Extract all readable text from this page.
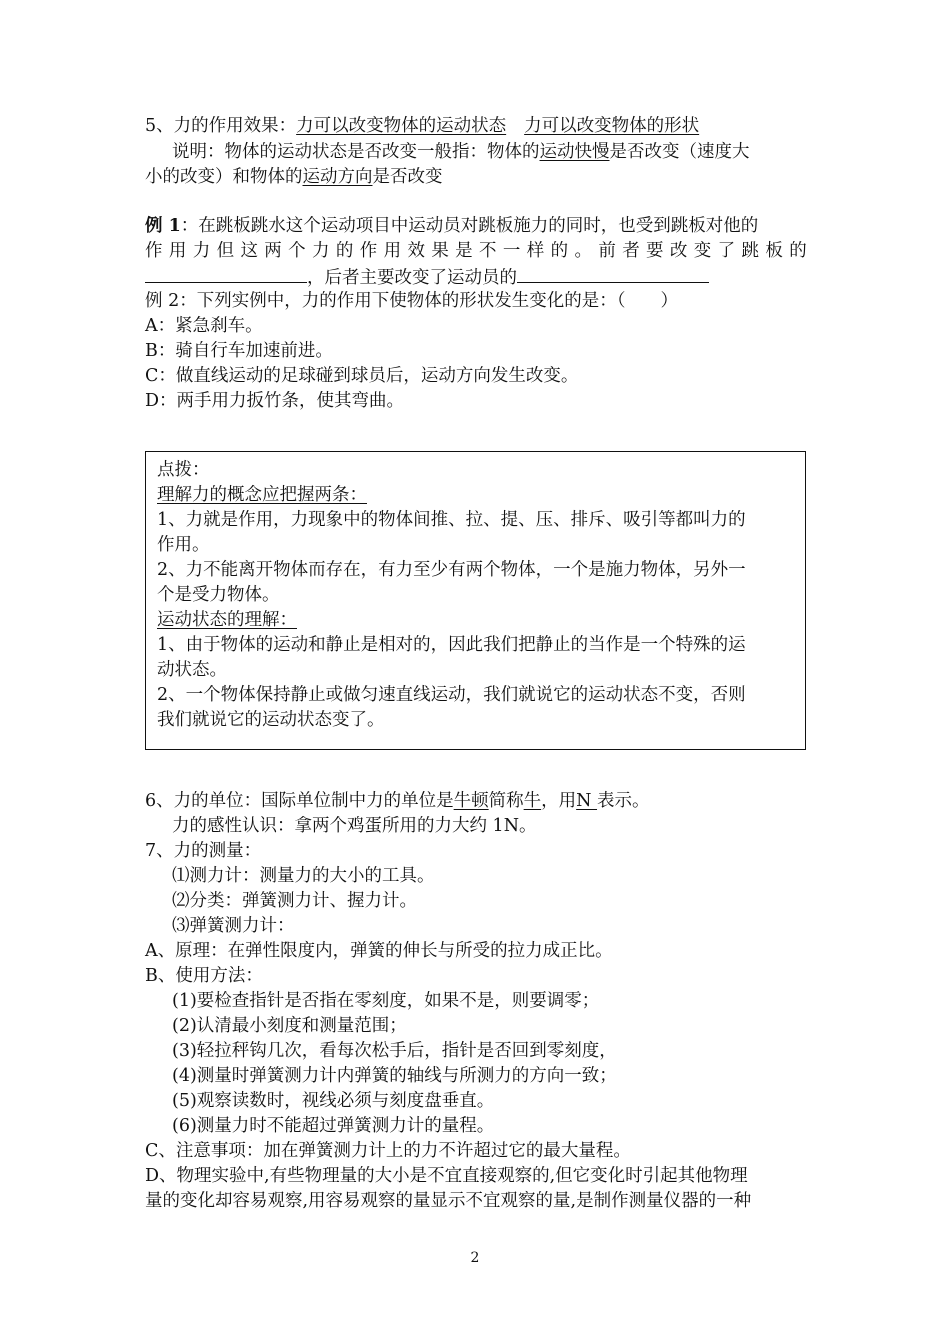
5、力的作用效果：力可以改变物体的运动状态 力可以改变物体的形状
说明：物体的运动状态是否改变一般指：物体的运动快慢是否改变（速度大
小的改变）和物体的运动方向是否改变
例 1：在跳板跳水这个运动项目中运动员对跳板施力的同时，也受到跳板对他的
作 用 力 但 这 两 个 力 的 作 用 效 果 是 不 一 样 的 。 前 者 要 改 变 了 跳 板 的
，后者主要改变了运动员的
例 2：下列实例中，力的作用下使物体的形状发生变化的是：（　　）
A：紧急刹车。
B：骑自行车加速前进。
C：做直线运动的足球碰到球员后，运动方向发生改变。
D：两手用力扳竹条，使其弯曲。
点拨：
理解力的概念应把握两条：
1、力就是作用，力现象中的物体间推、拉、提、压、排斥、吸引等都叫力的
作用。
2、力不能离开物体而存在，有力至少有两个物体，一个是施力物体，另外一
个是受力物体。
运动状态的理解：
1、由于物体的运动和静止是相对的，因此我们把静止的当作是一个特殊的运
动状态。
2、一个物体保持静止或做匀速直线运动，我们就说它的运动状态不变，否则
我们就说它的运动状态变了。
6、力的单位：国际单位制中力的单位是牛顿简称牛，用N 表示。
力的感性认识：拿两个鸡蛋所用的力大约 1N。
7、力的测量：
⑴测力计：测量力的大小的工具。
⑵分类：弹簧测力计、握力计。
⑶弹簧测力计：
A、原理：在弹性限度内，弹簧的伸长与所受的拉力成正比。
B、使用方法：
(1)要检查指针是否指在零刻度，如果不是，则要调零；
(2)认清最小刻度和测量范围；
(3)轻拉秤钩几次，看每次松手后，指针是否回到零刻度，
(4)测量时弹簧测力计内弹簧的轴线与所测力的方向一致；
(5)观察读数时，视线必须与刻度盘垂直。
(6)测量力时不能超过弹簧测力计的量程。
C、注意事项：加在弹簧测力计上的力不许超过它的最大量程。
D、物理实验中,有些物理量的大小是不宜直接观察的,但它变化时引起其他物理
量的变化却容易观察,用容易观察的量显示不宜观察的量,是制作测量仪器的一种
2
